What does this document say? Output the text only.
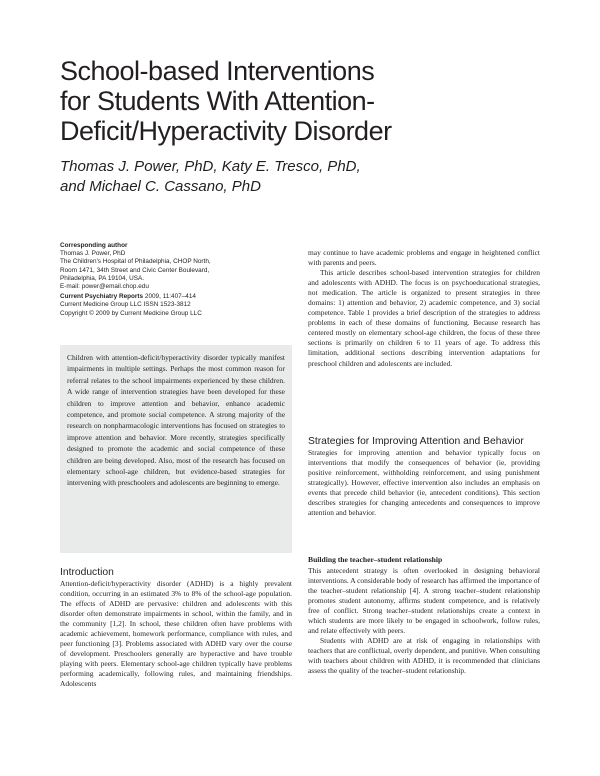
School-based Interventions
for Students With Attention-
Deficit/Hyperactivity Disorder
Thomas J. Power, PhD, Katy E. Tresco, PhD,
and Michael C. Cassano, PhD
Corresponding author
Thomas J. Power, PhD
The Children's Hospital of Philadelphia, CHOP North,
Room 1471, 34th Street and Civic Center Boulevard,
Philadelphia, PA 19104, USA.
E-mail: power@email.chop.edu
Current Psychiatry Reports 2009, 11:407–414
Current Medicine Group LLC ISSN 1523-3812
Copyright © 2009 by Current Medicine Group LLC

Children with attention-deficit/hyperactivity disorder typically manifest impairments in multiple settings. Perhaps the most common reason for referral relates to the school impairments experienced by these children. A wide range of intervention strategies have been developed for these children to improve attention and behavior, enhance academic competence, and promote social competence. A strong majority of the research on nonpharmacologic interventions has focused on strategies to improve attention and behavior. More recently, strategies specifically designed to promote the academic and social competence of these children are being developed. Also, most of the research has focused on elementary school-age children, but evidence-based strategies for intervening with preschoolers and adolescents are beginning to emerge.

Introduction
Attention-deficit/hyperactivity disorder (ADHD) is a highly prevalent condition, occurring in an estimated 3% to 8% of the school-age population. The effects of ADHD are pervasive: children and adolescents with this disorder often demonstrate impairments in school, within the family, and in the community [1,2]. In school, these children often have problems with academic achievement, homework performance, compliance with rules, and peer functioning [3]. Problems associated with ADHD vary over the course of development. Preschoolers generally are hyperactive and have trouble playing with peers. Elementary school-age children typically have problems performing academically, following rules, and maintaining friendships. Adolescents

may continue to have academic problems and engage in heightened conflict with parents and peers.

This article describes school-based intervention strategies for children and adolescents with ADHD. The focus is on psychoeducational strategies, not medication. The article is organized to present strategies in three domains: 1) attention and behavior, 2) academic competence, and 3) social competence. Table 1 provides a brief description of the strategies to address problems in each of these domains of functioning. Because research has centered mostly on elementary school-age children, the focus of these three sections is primarily on children 6 to 11 years of age. To address this limitation, additional sections describing intervention adaptations for preschool children and adolescents are included.

Strategies for Improving Attention and Behavior
Strategies for improving attention and behavior typically focus on interventions that modify the consequences of behavior (ie, providing positive reinforcement, withholding reinforcement, and using punishment strategically). However, effective intervention also includes an emphasis on events that precede child behavior (ie, antecedent conditions). This section describes strategies for changing antecedents and consequences to improve attention and behavior.
Building the teacher–student relationship

This antecedent strategy is often overlooked in designing behavioral interventions. A considerable body of research has affirmed the importance of the teacher–student relationship [4]. A strong teacher–student relationship promotes student autonomy, affirms student competence, and is relatively free of conflict. Strong teacher–student relationships create a context in which students are more likely to be engaged in schoolwork, follow rules, and relate effectively with peers.

Students with ADHD are at risk of engaging in relationships with teachers that are conflictual, overly dependent, and punitive. When consulting with teachers about children with ADHD, it is recommended that clinicians assess the quality of the teacher–student relationship.
